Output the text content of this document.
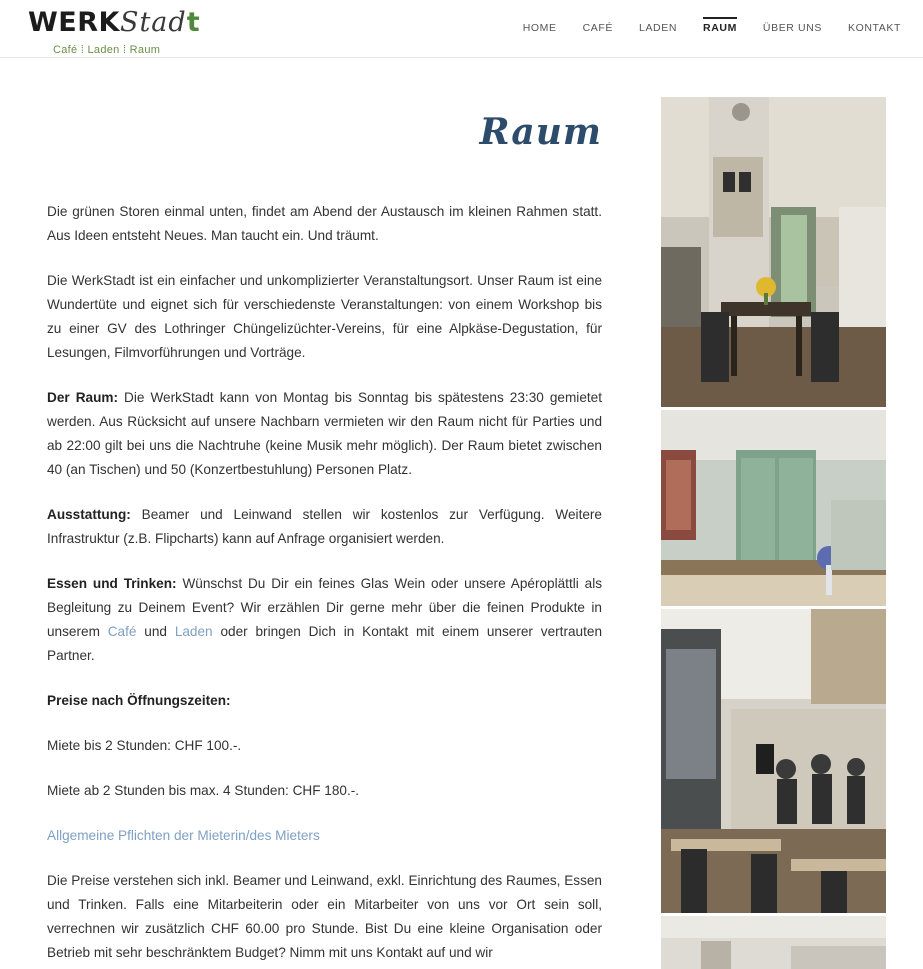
WERKStadt
Café ⁞ Laden ⁞ Raum
HOME	CAFÉ	LADEN	RAUM	ÜBER UNS	KONTAKT
Raum

Die grünen Storen einmal unten, findet am Abend der Austausch im kleinen Rahmen statt. Aus Ideen entsteht Neues. Man taucht ein. Und träumt.

Die WerkStadt ist ein einfacher und unkomplizierter Veranstaltungsort. Unser Raum ist eine Wundertüte und eignet sich für verschiedenste Veranstaltungen: von einem Workshop bis zu einer GV des Lothringer Chüngelizüchter-Vereins, für eine Alpkäse-Degustation, für Lesungen, Filmvorführungen und Vorträge.

Der Raum: Die WerkStadt kann von Montag bis Sonntag bis spätestens 23:30 gemietet werden. Aus Rücksicht auf unsere Nachbarn vermieten wir den Raum nicht für Parties und ab 22:00 gilt bei uns die Nachtruhe (keine Musik mehr möglich). Der Raum bietet zwischen 40 (an Tischen) und 50 (Konzertbestuhlung) Personen Platz.

Ausstattung: Beamer und Leinwand stellen wir kostenlos zur Verfügung. Weitere Infrastruktur (z.B. Flipcharts) kann auf Anfrage organisiert werden.

Essen und Trinken: Wünschst Du Dir ein feines Glas Wein oder unsere Apéroplättli als Begleitung zu Deinem Event? Wir erzählen Dir gerne mehr über die feinen Produkte in unserem Café und Laden oder bringen Dich in Kontakt mit einem unserer vertrauten Partner.

Preise nach Öffnungszeiten:

Miete bis 2 Stunden: CHF 100.-.

Miete ab 2 Stunden bis max. 4 Stunden: CHF 180.-.

Allgemeine Pflichten der Mieterin/des Mieters

Die Preise verstehen sich inkl. Beamer und Leinwand, exkl. Einrichtung des Raumes, Essen und Trinken. Falls eine Mitarbeiterin oder ein Mitarbeiter von uns vor Ort sein soll, verrechnen wir zusätzlich CHF 60.00 pro Stunde. Bist Du eine kleine Organisation oder Betrieb mit sehr beschränktem Budget? Nimm mit uns Kontakt auf und wir
